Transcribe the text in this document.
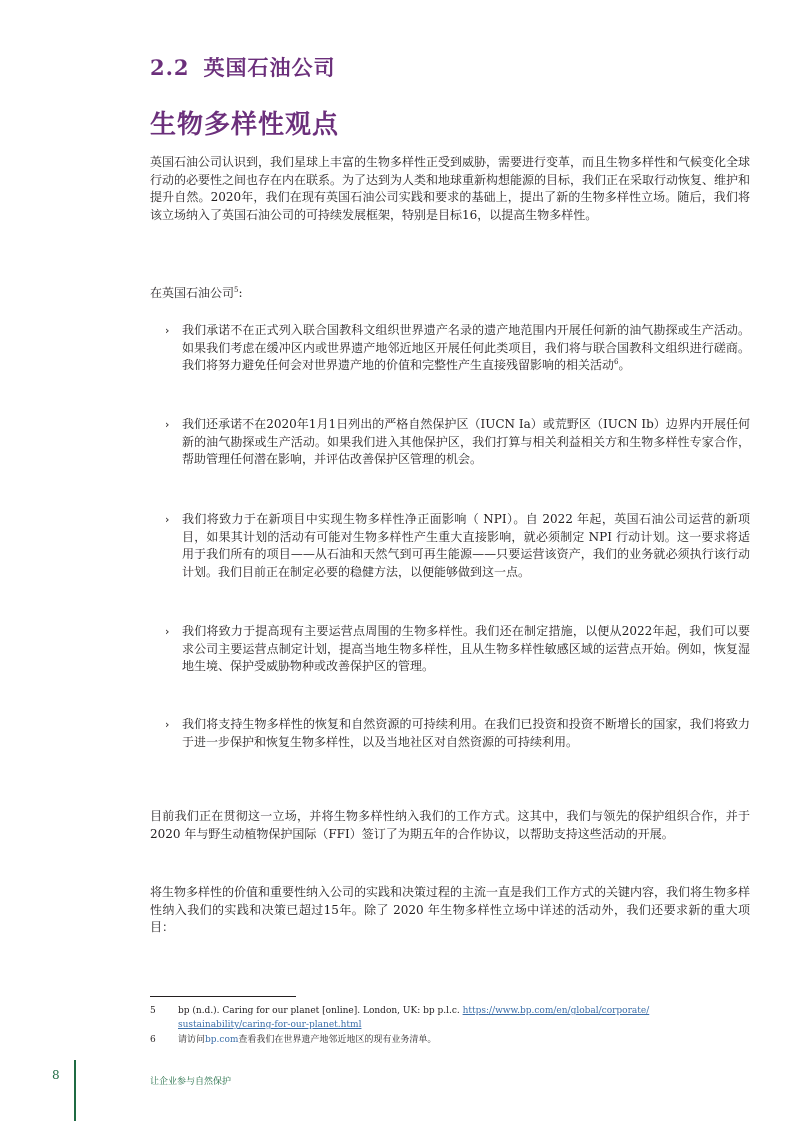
2.2 英国石油公司
生物多样性观点

英国石油公司认识到，我们星球上丰富的生物多样性正受到威胁，需要进行变革，而且生物多样性和气候变化全球行动的必要性之间也存在内在联系。为了达到为人类和地球重新构想能源的目标，我们正在采取行动恢复、维护和提升自然。2020年，我们在现有英国石油公司实践和要求的基础上，提出了新的生物多样性立场。随后，我们将该立场纳入了英国石油公司的可持续发展框架，特别是目标16，以提高生物多样性。

在英国石油公司$^5$:

›	我们承诺不在正式列入联合国教科文组织世界遗产名录的遗产地范围内开展任何新的油气勘探或生产活动。如果我们考虑在缓冲区内或世界遗产地邻近地区开展任何此类项目，我们将与联合国教科文组织进行磋商。我们将努力避免任何会对世界遗产地的价值和完整性产生直接残留影响的相关活动$^6$。
›	我们还承诺不在2020年1月1日列出的严格自然保护区（IUCN Ia）或荒野区（IUCN Ib）边界内开展任何新的油气勘探或生产活动。如果我们进入其他保护区，我们打算与相关利益相关方和生物多样性专家合作，帮助管理任何潜在影响，并评估改善保护区管理的机会。
›	我们将致力于在新项目中实现生物多样性净正面影响（ NPI）。自 2022 年起，英国石油公司运营的新项目，如果其计划的活动有可能对生物多样性产生重大直接影响，就必须制定 NPI 行动计划。这一要求将适用于我们所有的项目——从石油和天然气到可再生能源——只要运营该资产，我们的业务就必须执行该行动计划。我们目前正在制定必要的稳健方法，以便能够做到这一点。
›	我们将致力于提高现有主要运营点周围的生物多样性。我们还在制定措施，以便从2022年起，我们可以要求公司主要运营点制定计划，提高当地生物多样性，且从生物多样性敏感区域的运营点开始。例如，恢复湿地生境、保护受威胁物种或改善保护区的管理。
›	我们将支持生物多样性的恢复和自然资源的可持续利用。在我们已投资和投资不断增长的国家，我们将致力于进一步保护和恢复生物多样性，以及当地社区对自然资源的可持续利用。

目前我们正在贯彻这一立场，并将生物多样性纳入我们的工作方式。这其中，我们与领先的保护组织合作，并于 2020 年与野生动植物保护国际（FFI）签订了为期五年的合作协议，以帮助支持这些活动的开展。

将生物多样性的价值和重要性纳入公司的实践和决策过程的主流一直是我们工作方式的关键内容，我们将生物多样性纳入我们的实践和决策已超过15年。除了 2020 年生物多样性立场中详述的活动外，我们还要求新的重大项目：

5 bp (n.d.). Caring for our planet [online]. London, UK: bp p.l.c. https://www.bp.com/en/global/corporate/
sustainability/caring-for-our-planet.html
6 请访问bp.com查看我们在世界遗产地邻近地区的现有业务清单。

8	让企业参与自然保护
